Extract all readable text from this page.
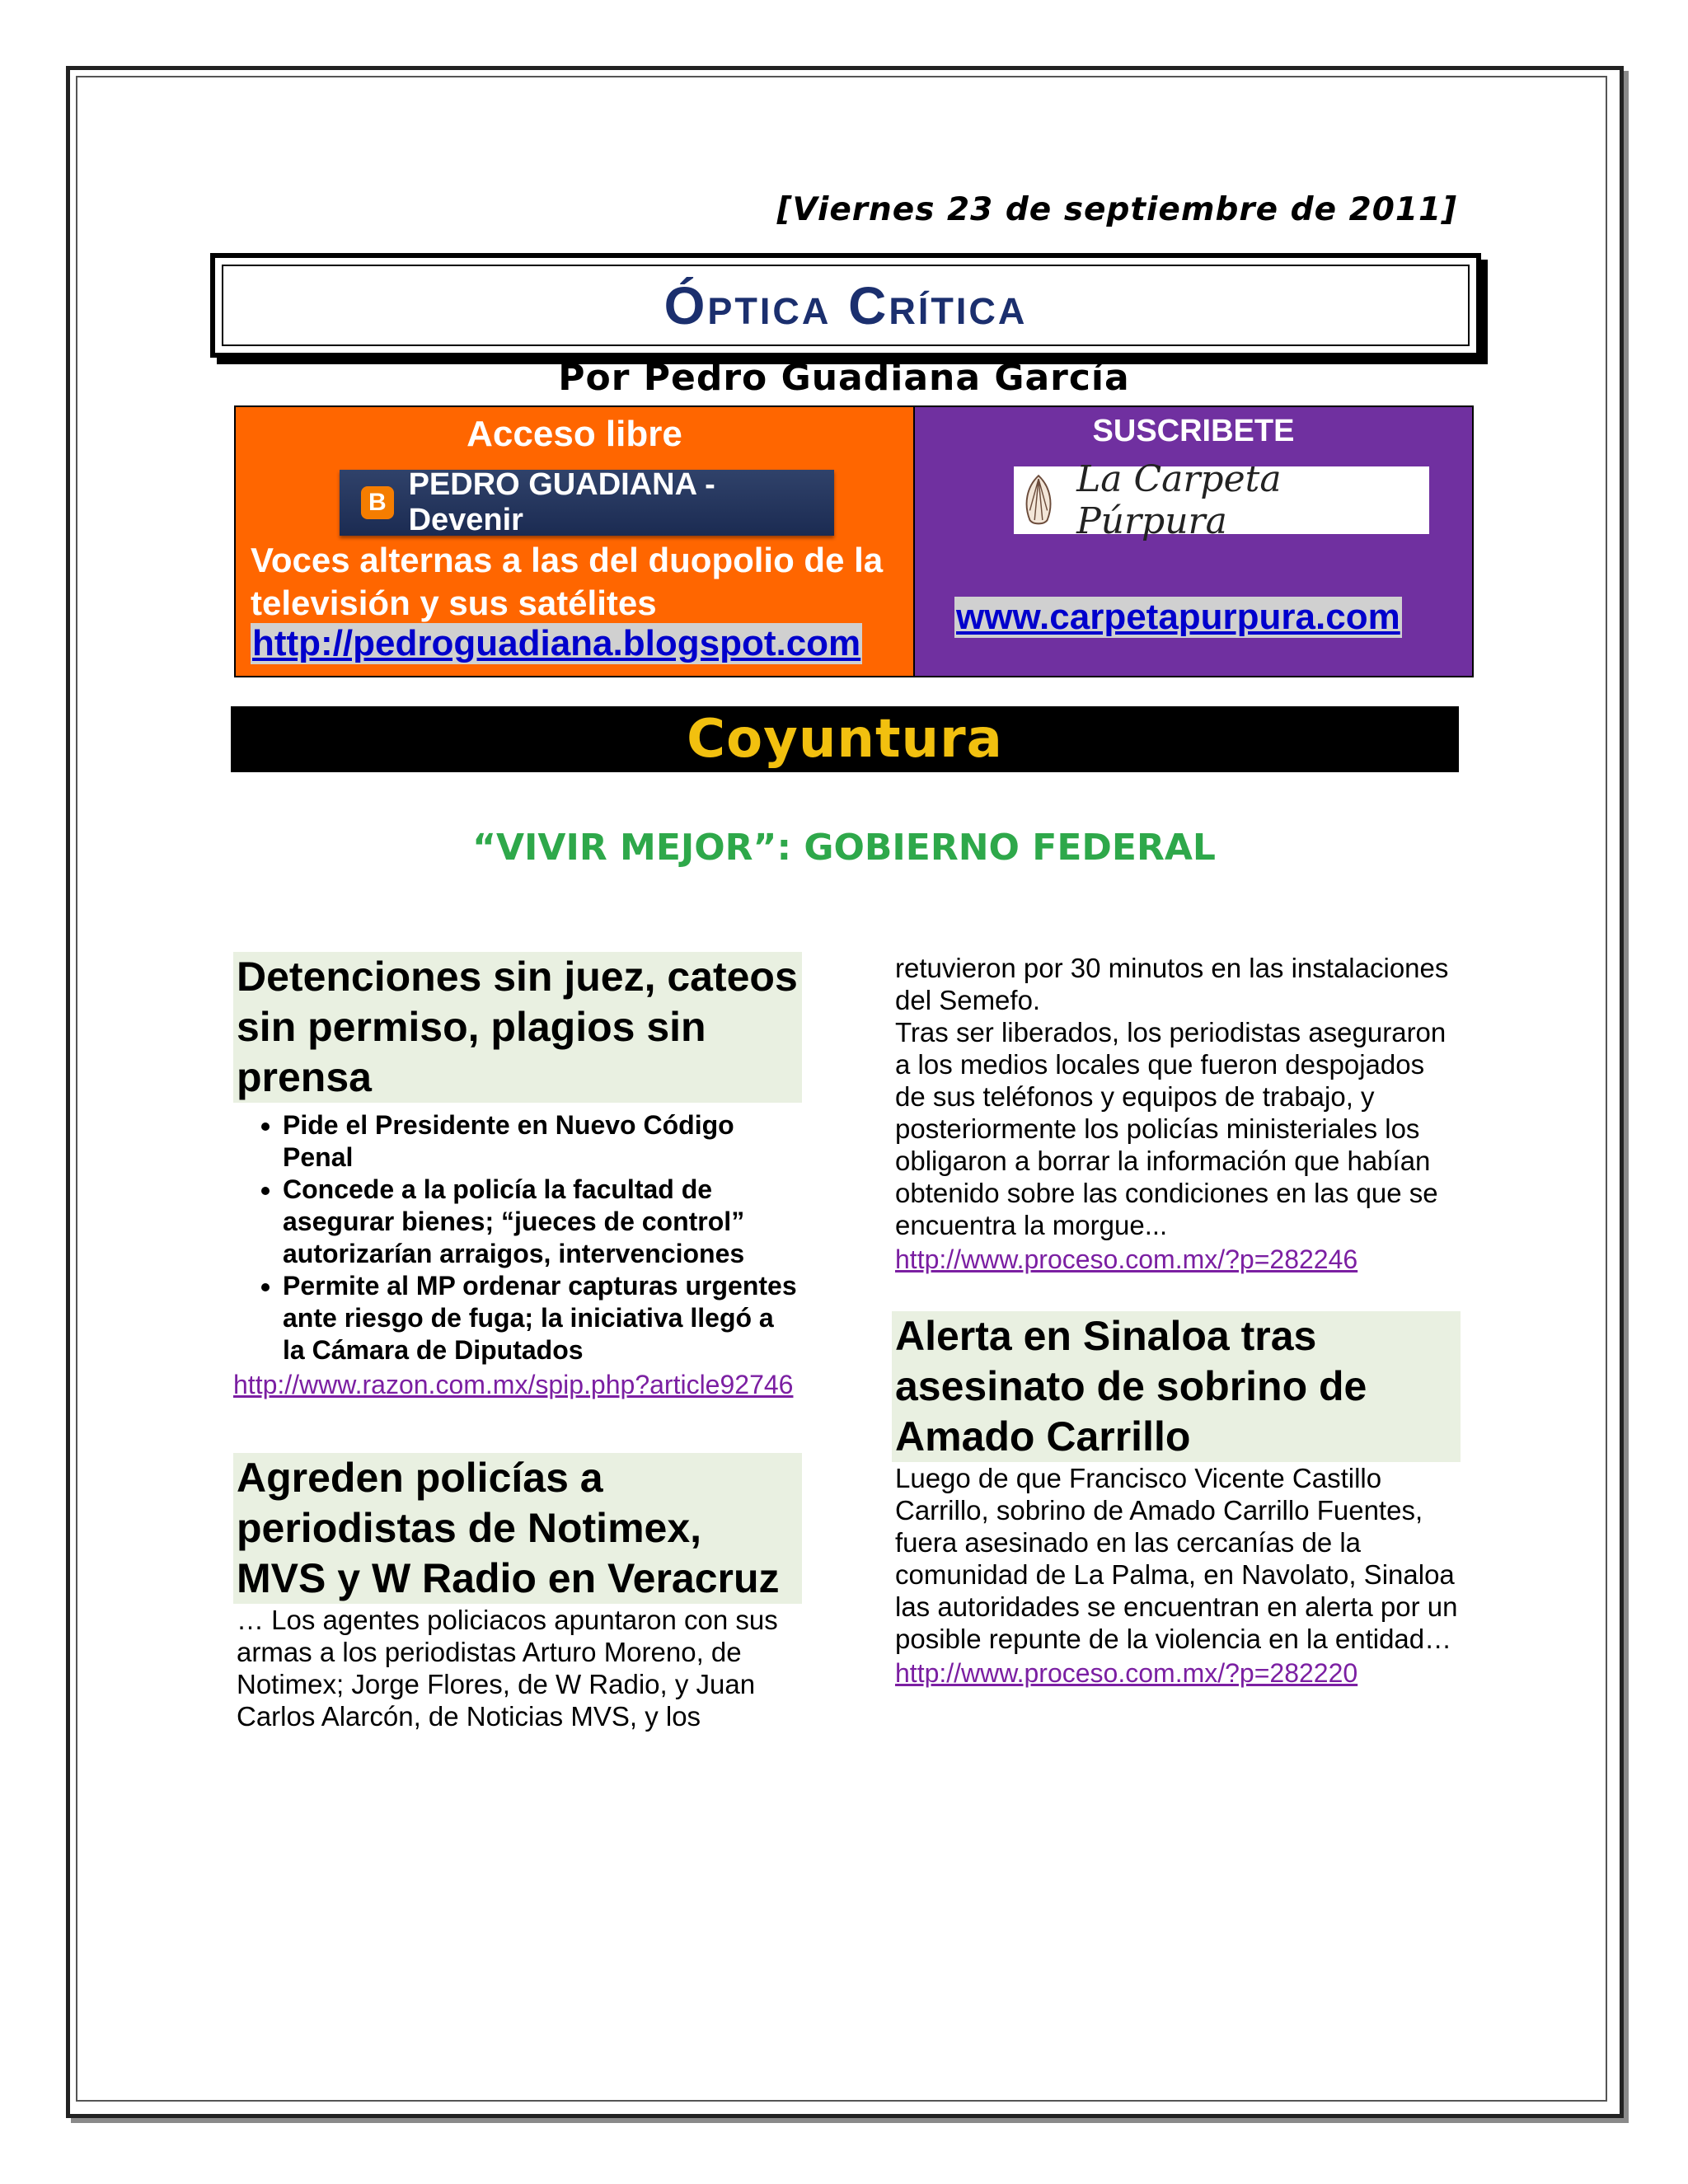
[Viernes 23 de septiembre de 2011]
Óptica Crítica
Por Pedro Guadiana García
Acceso libre
B
PEDRO GUADIANA - Devenir
Voces alternas a las del duopolio de la televisión y sus satélites
http://pedroguadiana.blogspot.com
SUSCRIBETE
La Carpeta Púrpura
www.carpetapurpura.com
Coyuntura
“VIVIR MEJOR”: GOBIERNO FEDERAL
Detenciones sin juez, cateos sin permiso, plagios sin prensa
• Pide el Presidente en Nuevo Código Penal
• Concede a la policía la facultad de asegurar bienes; “jueces de control” autorizarían arraigos, intervenciones
• Permite al MP ordenar capturas urgentes ante riesgo de fuga; la iniciativa llegó a la Cámara de Diputados
http://www.razon.com.mx/spip.php?article92746
Agreden policías a periodistas de Notimex, MVS y W Radio en Veracruz

… Los agentes policiacos apuntaron con sus armas a los periodistas Arturo Moreno, de Notimex; Jorge Flores, de W Radio, y Juan Carlos Alarcón, de Noticias MVS, y los

retuvieron por 30 minutos en las instalaciones del Semefo.

Tras ser liberados, los periodistas aseguraron a los medios locales que fueron despojados de sus teléfonos y equipos de trabajo, y posteriormente los policías ministeriales los obligaron a borrar la información que habían obtenido sobre las condiciones en las que se encuentra la morgue...

http://www.proceso.com.mx/?p=282246
Alerta en Sinaloa tras asesinato de sobrino de Amado Carrillo

Luego de que Francisco Vicente Castillo Carrillo, sobrino de Amado Carrillo Fuentes, fuera asesinado en las cercanías de la comunidad de La Palma, en Navolato, Sinaloa las autoridades se encuentran en alerta por un posible repunte de la violencia en la entidad…

http://www.proceso.com.mx/?p=282220
